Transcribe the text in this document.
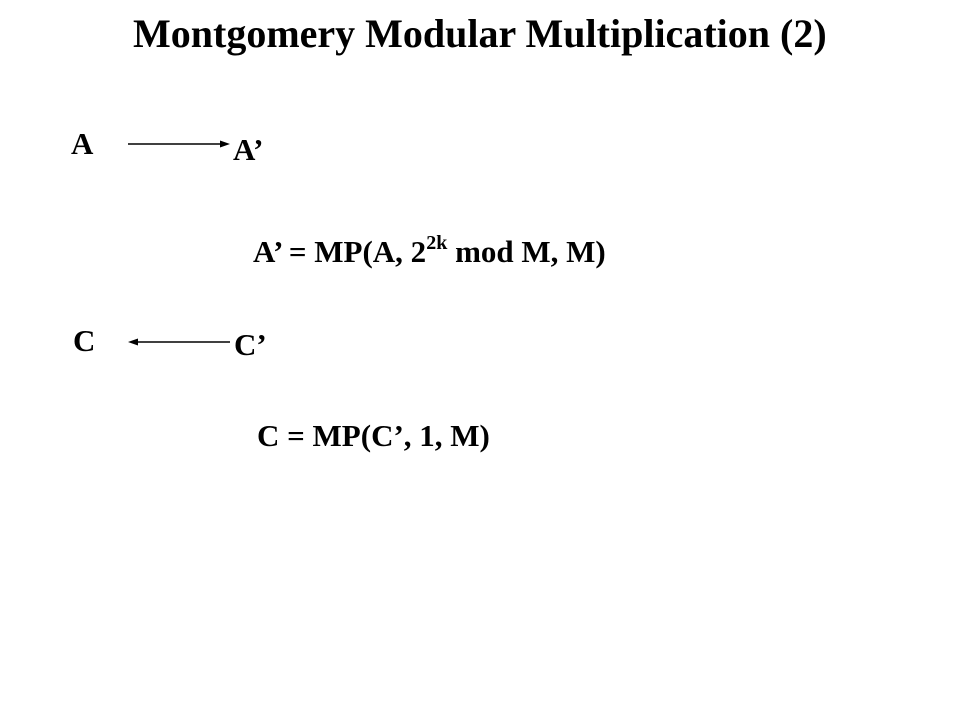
Montgomery Modular Multiplication (2)
A	A’
A’ = MP(A, $2^{2k}$ mod M, M)
C	C’
C = MP(C’, 1, M)
